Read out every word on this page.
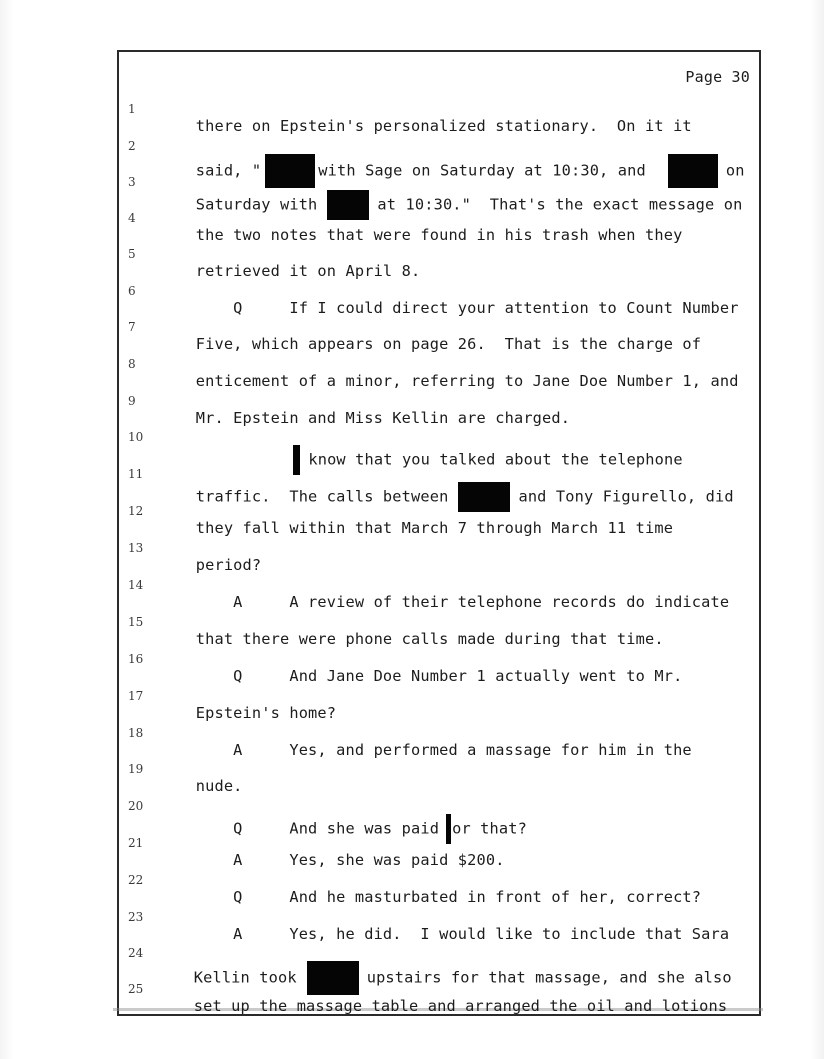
Page 30
1

there on Epstein's personalized stationary.  On it it

2

said, "	with Sage on Saturday at 10:30, and	on

3

Saturday with	at 10:30."  That's the exact message on

4

the two notes that were found in his trash when they

5

retrieved it on April 8.

6

Q     If I could direct your attention to Count Number

7

Five, which appears on page 26.  That is the charge of

8

enticement of a minor, referring to Jane Doe Number 1, and

9

Mr. Epstein and Miss Kellin are charged.

10

know that you talked about the telephone

11

traffic.  The calls between	and Tony Figurello, did

12

they fall within that March 7 through March 11 time

13

period?

14

A     A review of their telephone records do indicate

15

that there were phone calls made during that time.

16

Q     And Jane Doe Number 1 actually went to Mr.

17

Epstein's home?

18

A     Yes, and performed a massage for him in the

19

nude.

20

Q     And she was paid or that?

21

A     Yes, she was paid $200.

22

Q     And he masturbated in front of her, correct?

23

A     Yes, he did.  I would like to include that Sara

24

Kellin took	upstairs for that massage, and she also

25

set up the massage table and arranged the oil and lotions
